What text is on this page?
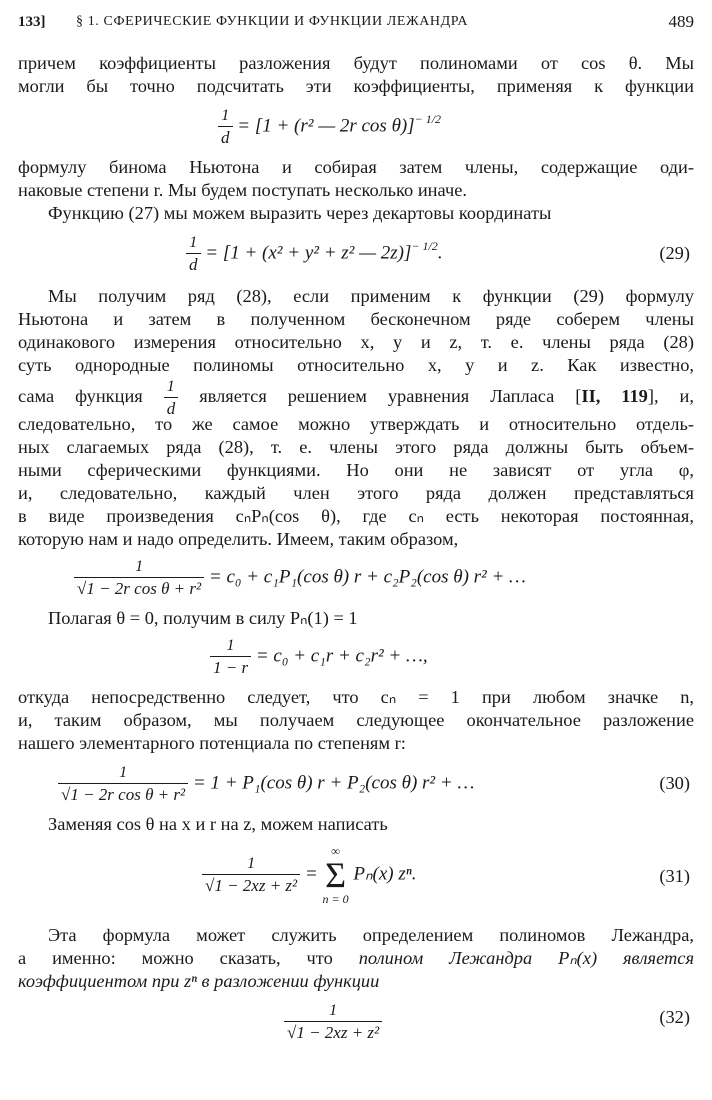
133] § 1. СФЕРИЧЕСКИЕ ФУНКЦИИ И ФУНКЦИИ ЛЕЖАНДРА	489

причем коэффициенты разложения будут полиномами от cos θ. Мы

могли бы точно подсчитать эти коэффициенты, применяя к функции

$\frac{1}{d} = [1 + (r^2$ — 2r cos θ)]$^{- 1/2}$

формулу бинома Ньютона и собирая затем члены, содержащие оди-

наковые степени r. Мы будем поступать несколько иначе.

Функцию (27) мы можем выразить через декартовы координаты

$\frac{1}{d} = [1 + (x^2 + y^2 + z^2$ — 2z)]$^{- 1/2}$.	(29)

Мы получим ряд (28), если применим к функции (29) формулу

Ньютона и затем в полученном бесконечном ряде соберем члены

одинакового измерения относительно x, y и z, т. е. члены ряда (28)

суть однородные полиномы относительно x, y и z. Как известно,

сама функция $\frac{1}{d}$ является решением уравнения Лапласа [II, 119], и,

следовательно, то же самое можно утверждать и относительно отдель-

ных слагаемых ряда (28), т. е. члены этого ряда должны быть объем-

ными сферическими функциями. Но они не зависят от угла φ,

и, следовательно, каждый член этого ряда должен представляться

в виде произведения cₙPₙ(cos θ), где cₙ есть некоторая постоянная,

которую нам и надо определить. Имеем, таким образом,

$\frac{1}{\text{√1 − 2r cos θ + r²}} = c_0 + c_1P_1(\cos$ θ) r + c₂P₂(cos θ) r² + …

Полагая θ = 0, получим в силу Pₙ(1) = 1

$\frac{1}{1 - r} = c_0 + c_1r + c_2r^2$ + …,

откуда непосредственно следует, что cₙ = 1 при любом значке n,

и, таким образом, мы получаем следующее окончательное разложение

нашего элементарного потенциала по степеням r:

$\frac{1}{\text{√1 − 2r cos θ + r²}} = 1 + P_1(\cos$ θ) r + P₂(cos θ) r² + …	(30)

Заменяя cos θ на x и r на z, можем написать

$\frac{1}{\text{√1 − 2xz + z²}}$ =
∞
Σ
n = 0
Pₙ(x) zⁿ.	(31)

Эта формула может служить определением полиномов Лежандра,

а именно: можно сказать, что полином Лежандра Pₙ(x) является

коэффициентом при zⁿ в разложении функции

$\frac{1}{\text{√1 − 2xz + z²}}$	(32)
